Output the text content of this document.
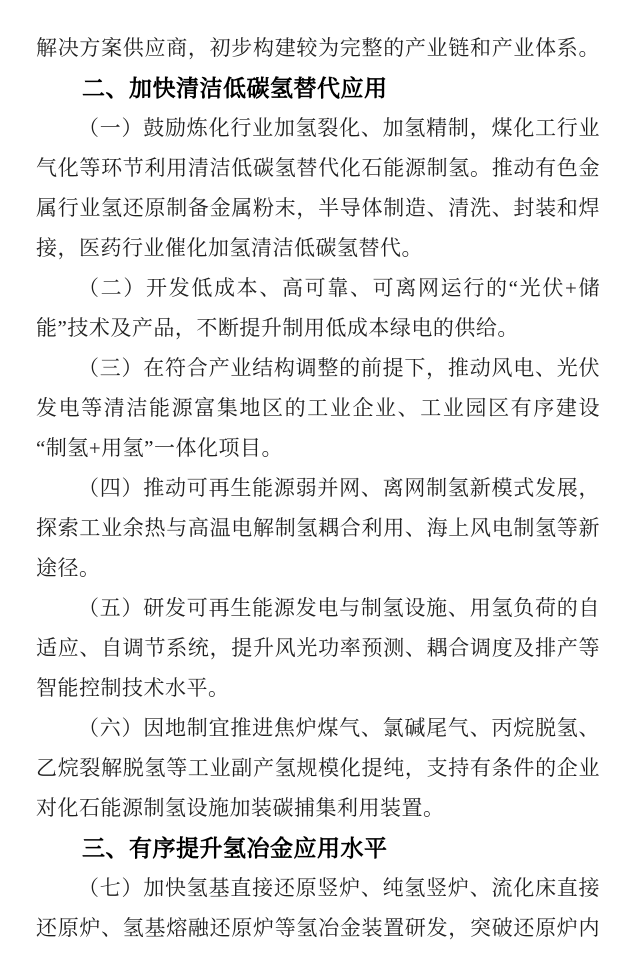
解决方案供应商，初步构建较为完整的产业链和产业体系。
二、加快清洁低碳氢替代应用
（一）鼓励炼化行业加氢裂化、加氢精制，煤化工行业
气化等环节利用清洁低碳氢替代化石能源制氢。推动有色金
属行业氢还原制备金属粉末，半导体制造、清洗、封装和焊
接，医药行业催化加氢清洁低碳氢替代。
（二）开发低成本、高可靠、可离网运行的“光伏+储
能”技术及产品，不断提升制用低成本绿电的供给。
（三）在符合产业结构调整的前提下，推动风电、光伏
发电等清洁能源富集地区的工业企业、工业园区有序建设
“制氢+用氢”一体化项目。
（四）推动可再生能源弱并网、离网制氢新模式发展，
探索工业余热与高温电解制氢耦合利用、海上风电制氢等新
途径。
（五）研发可再生能源发电与制氢设施、用氢负荷的自
适应、自调节系统，提升风光功率预测、耦合调度及排产等
智能控制技术水平。
（六）因地制宜推进焦炉煤气、氯碱尾气、丙烷脱氢、
乙烷裂解脱氢等工业副产氢规模化提纯，支持有条件的企业
对化石能源制氢设施加装碳捕集利用装置。
三、有序提升氢冶金应用水平
（七）加快氢基直接还原竖炉、纯氢竖炉、流化床直接
还原炉、氢基熔融还原炉等氢冶金装置研发，突破还原炉内
